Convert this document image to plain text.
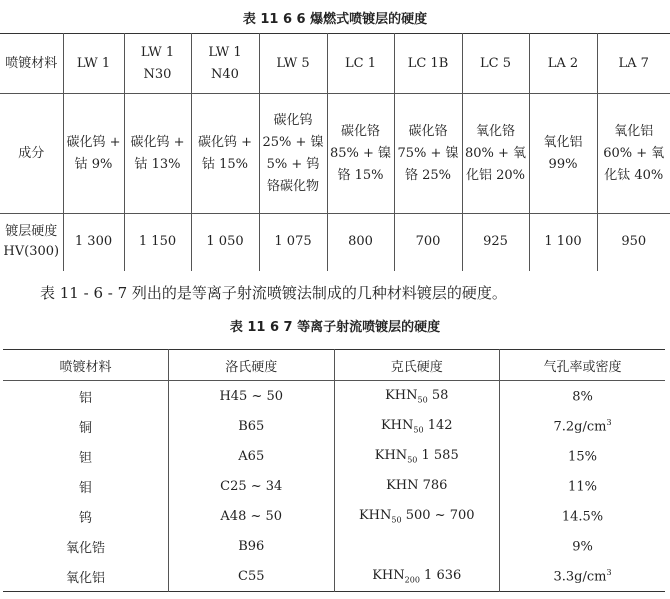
表 11 6 6 爆燃式喷镀层的硬度
喷镀材料	LW 1	LW 1 N30	LW 1 N40	LW 5	LC 1	LC 1B	LC 5	LA 2	LA 7
成分	碳化钨 + 钴 9%	碳化钨 + 钴 13%	碳化钨 + 钴 15%	碳化钨 25% + 镍 5% + 钨 铬碳化物	碳化铬 85% + 镍 铬 15%	碳化铬 75% + 镍 铬 25%	氧化铬 80% + 氧化铝 20%	氧化铝 99%	氧化铝 60% + 氧化钛 40%
镀层硬度 HV(300)	1 300	1 150	1 050	1 075	800	700	925	1 100	950
表 11 - 6 - 7 列出的是等离子射流喷镀法制成的几种材料镀层的硬度。
表 11 6 7 等离子射流喷镀层的硬度
喷镀材料	洛氏硬度	克氏硬度	气孔率或密度
铝	H45 ~ 50	$KHN_{50}$ 58	8%
铜	B65	$KHN_{50}$ 142	$7.2g/cm^3$
钽	A65	$KHN_{50}$ 1 585	15%
钼	C25 ~ 34	KHN 786	11%
钨	A48 ~ 50	$KHN_{50}$ 500 ~ 700	14.5%
氧化锆	B96		9%
氧化铝	C55	$KHN_{200}$ 1 636	$3.3g/cm^3$
